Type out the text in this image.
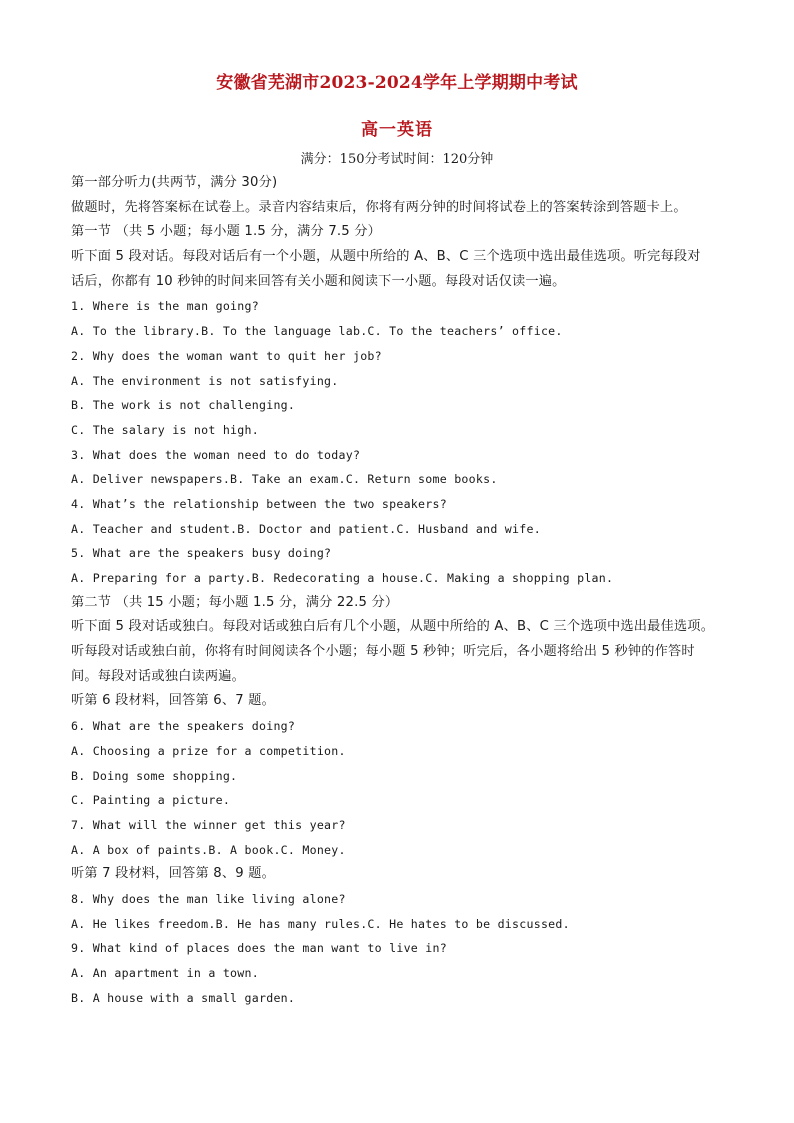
安徽省芜湖市2023-2024学年上学期期中考试
高一英语
满分：150分考试时间：120分钟
第一部分听力(共两节，满分 30分)
做题时，先将答案标在试卷上。录音内容结束后，你将有两分钟的时间将试卷上的答案转涂到答题卡上。
第一节 （共 5 小题；每小题 1.5 分，满分 7.5 分）
听下面 5 段对话。每段对话后有一个小题，从题中所给的 A、B、C 三个选项中选出最佳选项。听完每段对
话后，你都有 10 秒钟的时间来回答有关小题和阅读下一小题。每段对话仅读一遍。
1. Where is the man going?
A. To the library.B. To the language lab.C. To the teachers’ office.
2. Why does the woman want to quit her job?
A. The environment is not satisfying.
B. The work is not challenging.
C. The salary is not high.
3. What does the woman need to do today?
A. Deliver newspapers.B. Take an exam.C. Return some books.
4. What’s the relationship between the two speakers?
A. Teacher and student.B. Doctor and patient.C. Husband and wife.
5. What are the speakers busy doing?
A. Preparing for a party.B. Redecorating a house.C. Making a shopping plan.
第二节 （共 15 小题；每小题 1.5 分，满分 22.5 分）
听下面 5 段对话或独白。每段对话或独白后有几个小题，从题中所给的 A、B、C 三个选项中选出最佳选项。
听每段对话或独白前，你将有时间阅读各个小题；每小题 5 秒钟；听完后，各小题将给出 5 秒钟的作答时
间。每段对话或独白读两遍。
听第 6 段材料，回答第 6、7 题。
6. What are the speakers doing?
A. Choosing a prize for a competition.
B. Doing some shopping.
C. Painting a picture.
7. What will the winner get this year?
A. A box of paints.B. A book.C. Money.
听第 7 段材料，回答第 8、9 题。
8. Why does the man like living alone?
A. He likes freedom.B. He has many rules.C. He hates to be discussed.
9. What kind of places does the man want to live in?
A. An apartment in a town.
B. A house with a small garden.
